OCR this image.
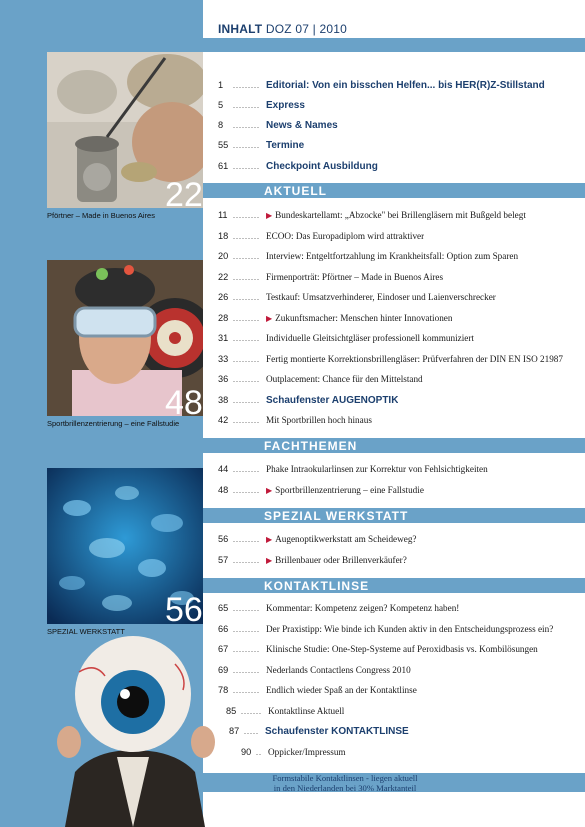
INHALT DOZ 07 | 2010
22
Pförtner – Made in Buenos Aires
48
Sportbrillenzentrierung – eine Fallstudie
56
SPEZIAL WERKSTATT
1	......... Editorial: Von ein bisschen Helfen... bis HER(R)Z-Stillstand
5	......... Express
8	......... News & Names
55 ......... Termine
61 ......... Checkpoint Ausbildung
AKTUELL
11 ......... ▶ Bundeskartellamt: „Abzocke" bei Brillengläsern mit Bußgeld belegt
18 ......... ECOO: Das Europadiplom wird attraktiver
20 ......... Interview: Entgeltfortzahlung im Krankheitsfall: Option zum Sparen
22 ......... Firmenporträt: Pförtner – Made in Buenos Aires
26 ......... Testkauf: Umsatzverhinderer, Eindoser und Laienverschrecker
28 ......... ▶ Zukunftsmacher: Menschen hinter Innovationen
31 ......... Individuelle Gleitsichtgläser professionell kommuniziert
33 ......... Fertig montierte Korrektionsbrillengläser: Prüfverfahren der DIN EN ISO 21987
36 ......... Outplacement: Chance für den Mittelstand
38 ......... Schaufenster AUGENOPTIK
42 ......... Mit Sportbrillen hoch hinaus
FACHTHEMEN
44 ......... Phake Intraokularlinsen zur Korrektur von Fehlsichtigkeiten
48 ......... ▶ Sportbrillenzentrierung – eine Fallstudie
SPEZIAL WERKSTATT
56 ......... ▶ Augenoptikwerkstatt am Scheideweg?
57 ......... ▶ Brillenbauer oder Brillenverkäufer?
KONTAKTLINSE
65 ......... Kommentar: Kompetenz zeigen? Kompetenz haben!
66 ......... Der Praxistipp: Wie binde ich Kunden aktiv in den Entscheidungsprozess ein?
67 ......... Klinische Studie: One-Step-Systeme auf Peroxidbasis vs. Kombilösungen
69 ......... Nederlands Contactlens Congress 2010
78 ......... Endlich wieder Spaß an der Kontaktlinse
85 ....... Kontaktlinse Aktuell
87 ..... Schaufenster KONTAKTLINSE
90 .. Oppicker/Impressum
Formstabile Kontaktlinsen - liegen aktuell
in den Niederlanden bei 30% Marktanteil
